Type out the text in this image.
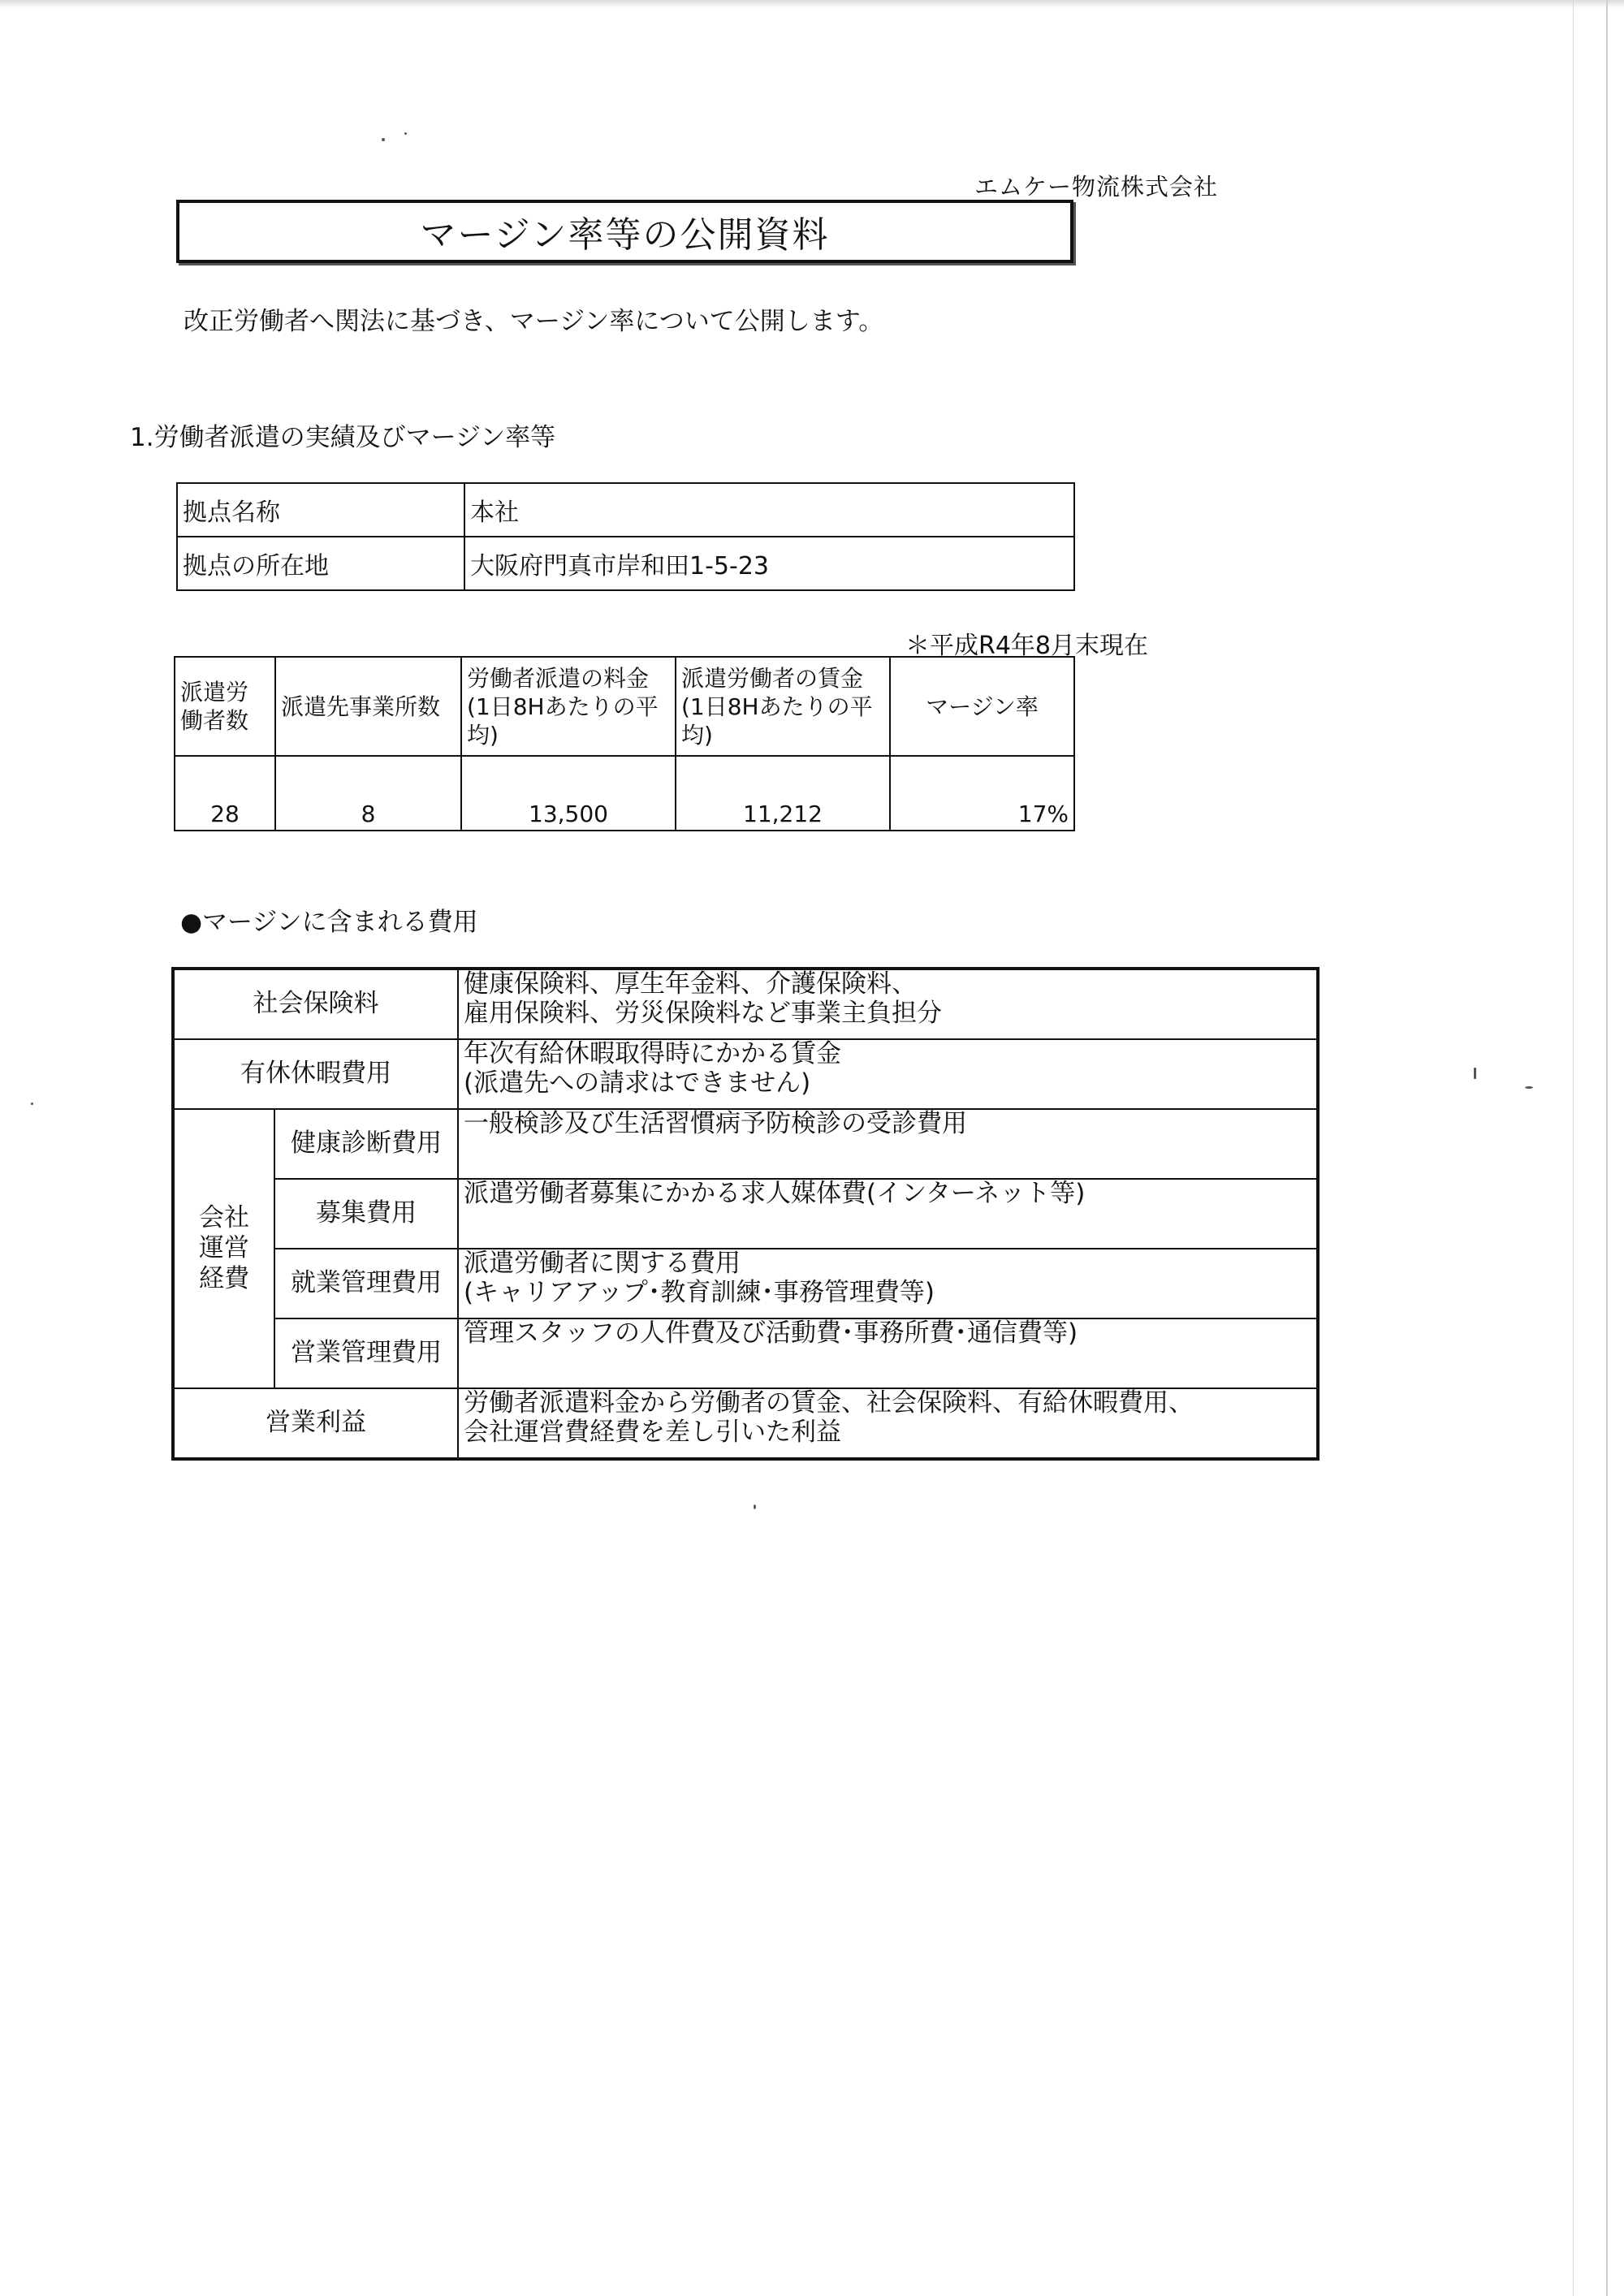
エムケー物流株式会社
マージン率等の公開資料
改正労働者へ関法に基づき、マージン率について公開します。
1.労働者派遣の実績及びマージン率等
拠点名称	本社
拠点の所在地	大阪府門真市岸和田1-5-23
＊平成R4年8月末現在
派遣労働者数	派遣先事業所数	労働者派遣の料金(1日8Hあたりの平均)	派遣労働者の賃金(1日8Hあたりの平均)	マージン率
28	8	13,500	11,212	17%
●マージンに含まれる費用
社会保険料		健康保険料、厚生年金料、介護保険料、
雇用保険料、労災保険料など事業主負担分

有休休暇費用		年次有給休暇取得時にかかる賃金
(派遣先への請求はできません)

会社
運営
経費	健康診断費用	一般検診及び生活習慣病予防検診の受診費用

	募集費用	派遣労働者募集にかかる求人媒体費(インターネット等)

	就業管理費用	派遣労働者に関する費用
(キャリアアップ･教育訓練･事務管理費等)

	営業管理費用	管理スタッフの人件費及び活動費･事務所費･通信費等)

営業利益		労働者派遣料金から労働者の賃金、社会保険料、有給休暇費用、
会社運営費経費を差し引いた利益
